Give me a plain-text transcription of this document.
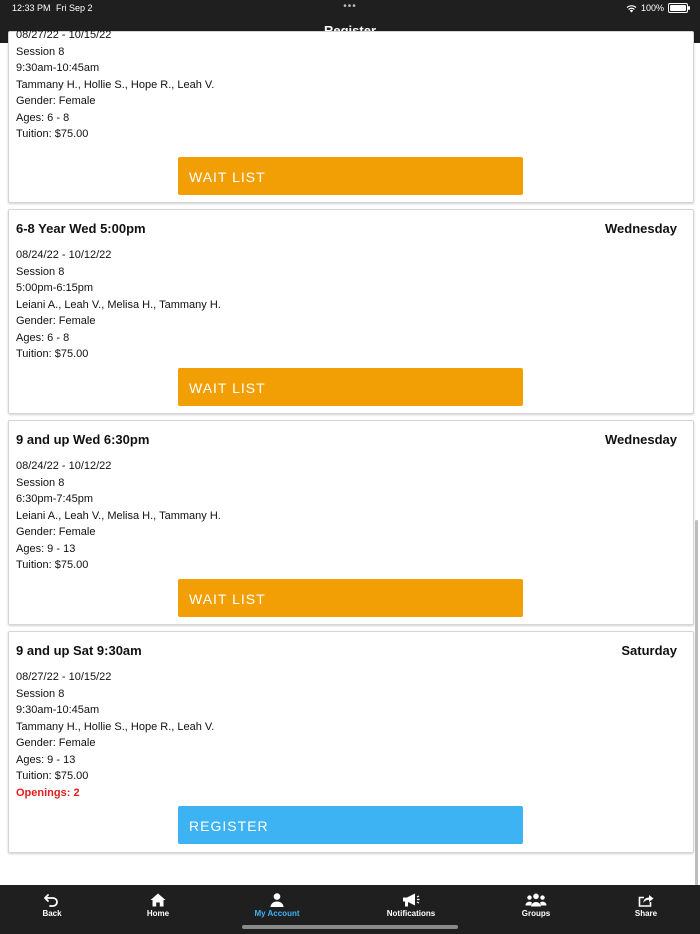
12:33 PM Fri Sep 2	•••	100%
08/27/22 - 10/15/22
Session 8
9:30am-10:45am
Tammany H., Hollie S., Hope R., Leah V.
Gender: Female
Ages: 6 - 8
Tuition: $75.00
WAIT LIST
6-8 Year Wed 5:00pm	Wednesday
08/24/22 - 10/12/22
Session 8
5:00pm-6:15pm
Leiani A., Leah V., Melisa H., Tammany H.
Gender: Female
Ages: 6 - 8
Tuition: $75.00
WAIT LIST
9 and up Wed 6:30pm	Wednesday
08/24/22 - 10/12/22
Session 8
6:30pm-7:45pm
Leiani A., Leah V., Melisa H., Tammany H.
Gender: Female
Ages: 9 - 13
Tuition: $75.00
WAIT LIST
9 and up Sat 9:30am	Saturday
08/27/22 - 10/15/22
Session 8
9:30am-10:45am
Tammany H., Hollie S., Hope R., Leah V.
Gender: Female
Ages: 9 - 13
Tuition: $75.00
Openings: 2
REGISTER
Back	Home	My Account	Notifications	Groups	Share
